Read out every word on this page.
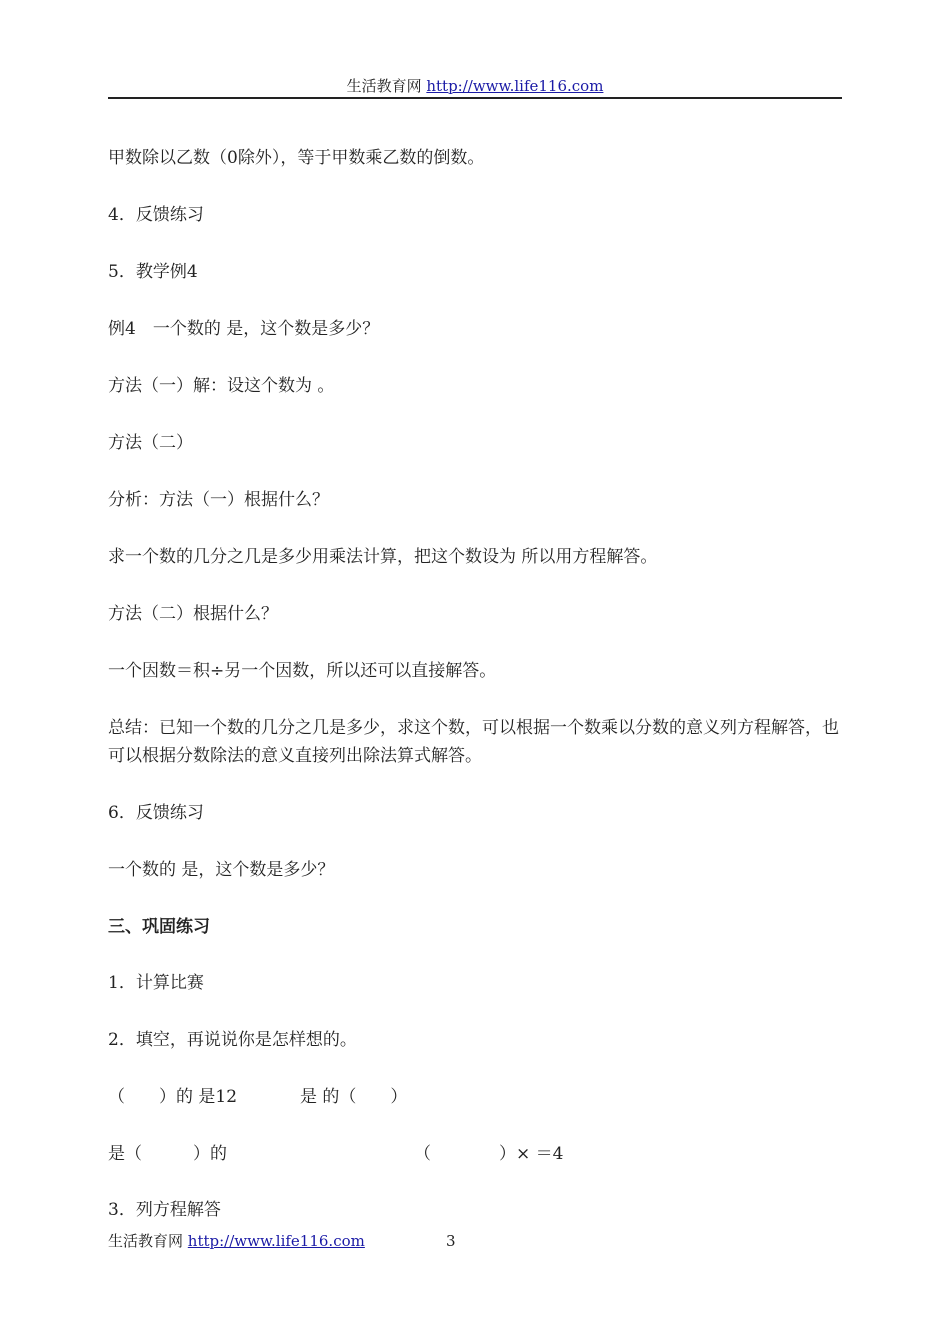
生活教育网 http://www.life116.com
甲数除以乙数（0除外），等于甲数乘乙数的倒数。
4．反馈练习
5．教学例4
例4　一个数的 是，这个数是多少？
方法（一）解：设这个数为 。
方法（二）
分析：方法（一）根据什么？
求一个数的几分之几是多少用乘法计算，把这个数设为 所以用方程解答。
方法（二）根据什么？
一个因数＝积÷另一个因数，所以还可以直接解答。
总结：已知一个数的几分之几是多少，求这个数，可以根据一个数乘以分数的意义列方程解答，也可以根据分数除法的意义直接列出除法算式解答。
6．反馈练习
一个数的 是，这个数是多少？
三、巩固练习
1．计算比赛
2．填空，再说说你是怎样想的。
（　　）的 是12	是 的（　　）
是（　　　）的	（　　　　）× ＝4
3．列方程解答
生活教育网 http://www.life116.com	3
